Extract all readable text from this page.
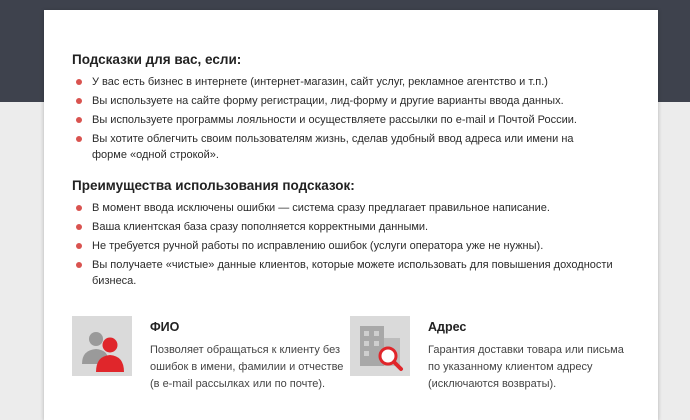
Подсказки для вас, если:
У вас есть бизнес в интернете (интернет-магазин, сайт услуг, рекламное агентство и т.п.)
Вы используете на сайте форму регистрации, лид-форму и другие варианты ввода данных.
Вы используете программы лояльности и осуществляете рассылки по e-mail и Почтой России.
Вы хотите облегчить своим пользователям жизнь, сделав удобный ввод адреса или имени на форме «одной строкой».
Преимущества использования подсказок:
В момент ввода исключены ошибки — система сразу предлагает правильное написание.
Ваша клиентская база сразу пополняется корректными данными.
Не требуется ручной работы по исправлению ошибок (услуги оператора уже не нужны).
Вы получаете «чистые» данные клиентов, которые можете использовать для повышения доходности бизнеса.
ФИО
Позволяет обращаться к клиенту без ошибок в имени, фамилии и отчестве (в e-mail рассылках или по почте).
Адрес
Гарантия доставки товара или письма по указанному клиентом адресу (исключаются возвраты).
